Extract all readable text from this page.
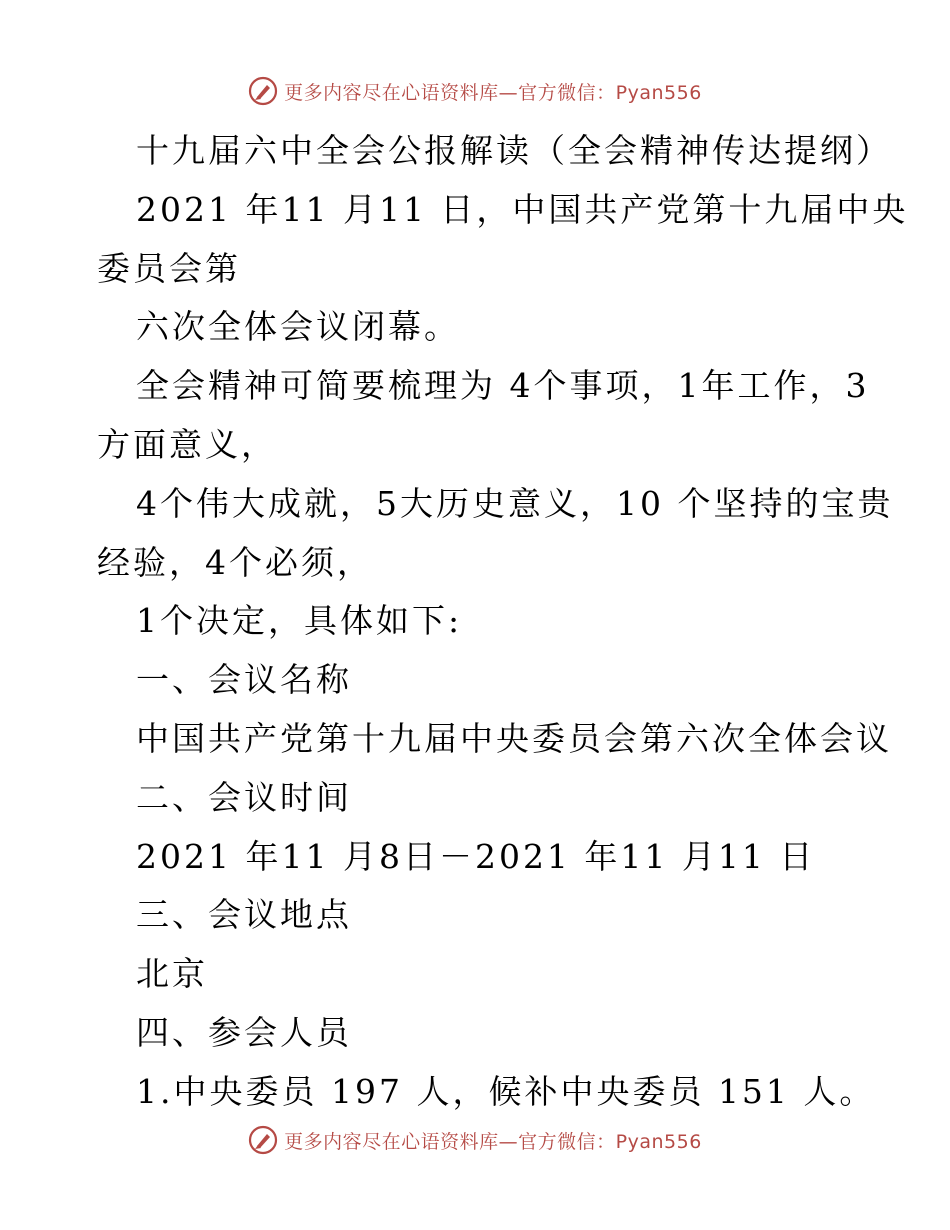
更多内容尽在心语资料库—官方微信：Pyan556
十九届六中全会公报解读（全会精神传达提纲）
2021 年11 月11 日，中国共产党第十九届中央
委员会第
六次全体会议闭幕。
全会精神可简要梳理为 4个事项，1年工作，3
方面意义，
4个伟大成就，5大历史意义，10 个坚持的宝贵
经验，4个必须，
1个决定，具体如下:
一、会议名称
中国共产党第十九届中央委员会第六次全体会议
二、会议时间
2021 年11 月8日－2021 年11 月11 日
三、会议地点
北京
四、参会人员
1.中央委员 197 人，候补中央委员 151 人。
更多内容尽在心语资料库—官方微信：Pyan556
